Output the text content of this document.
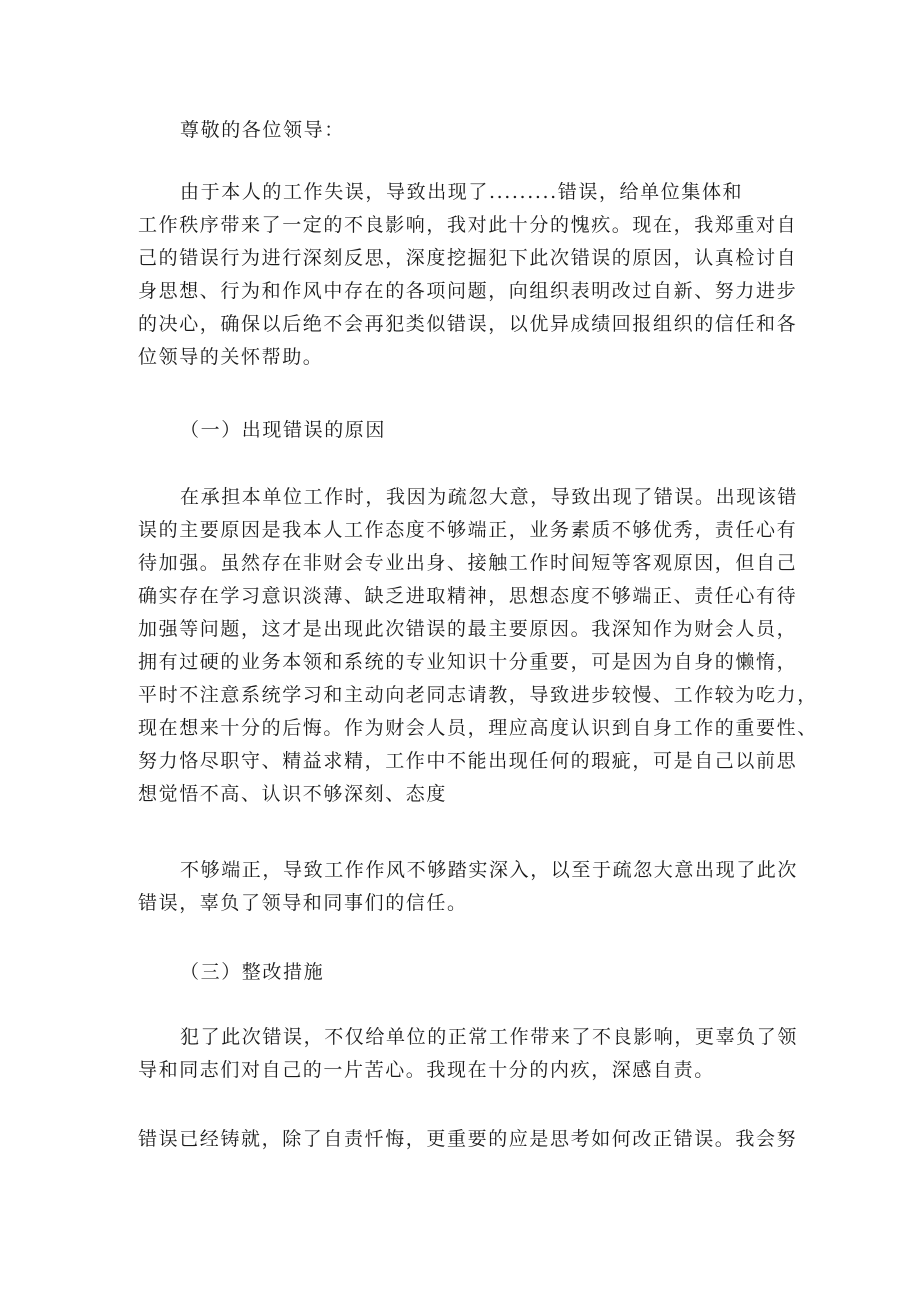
尊敬的各位领导：
由于本人的工作失误，导致出现了.........错误，给单位集体和
工作秩序带来了一定的不良影响，我对此十分的愧疚。现在，我郑重对自
己的错误行为进行深刻反思，深度挖掘犯下此次错误的原因，认真检讨自
身思想、行为和作风中存在的各项问题，向组织表明改过自新、努力进步
的决心，确保以后绝不会再犯类似错误，以优异成绩回报组织的信任和各
位领导的关怀帮助。
（一）出现错误的原因
在承担本单位工作时，我因为疏忽大意，导致出现了错误。出现该错
误的主要原因是我本人工作态度不够端正，业务素质不够优秀，责任心有
待加强。虽然存在非财会专业出身、接触工作时间短等客观原因，但自己
确实存在学习意识淡薄、缺乏进取精神，思想态度不够端正、责任心有待
加强等问题，这才是出现此次错误的最主要原因。我深知作为财会人员，
拥有过硬的业务本领和系统的专业知识十分重要，可是因为自身的懒惰，
平时不注意系统学习和主动向老同志请教，导致进步较慢、工作较为吃力，
现在想来十分的后悔。作为财会人员，理应高度认识到自身工作的重要性、
努力恪尽职守、精益求精，工作中不能出现任何的瑕疵，可是自己以前思
想觉悟不高、认识不够深刻、态度
不够端正，导致工作作风不够踏实深入，以至于疏忽大意出现了此次
错误，辜负了领导和同事们的信任。
（三）整改措施
犯了此次错误，不仅给单位的正常工作带来了不良影响，更辜负了领
导和同志们对自己的一片苦心。我现在十分的内疚，深感自责。
错误已经铸就，除了自责忏悔，更重要的应是思考如何改正错误。我会努
